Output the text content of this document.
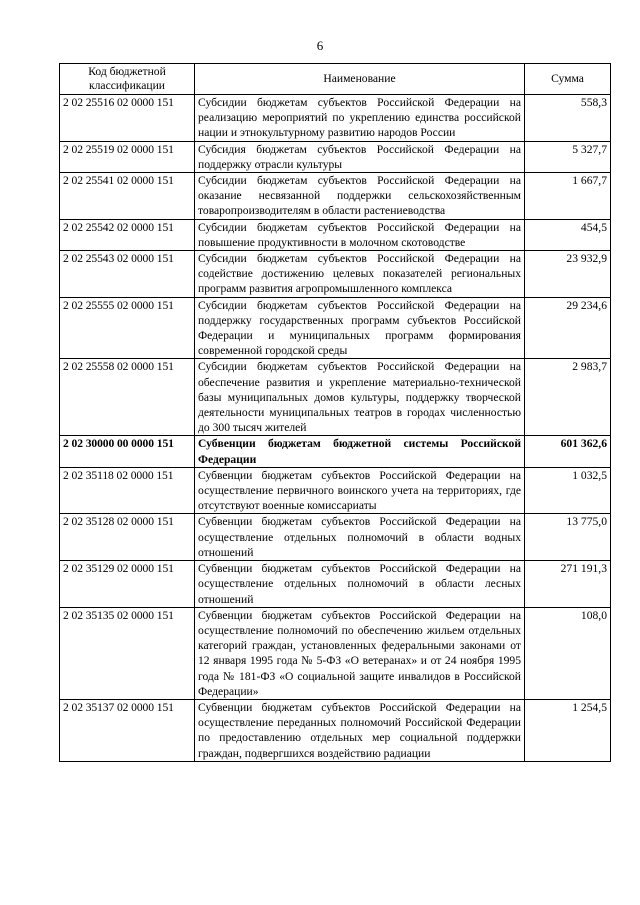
6
Код бюджетной классификации	Наименование	Сумма
2 02 25516 02 0000 151	Субсидии бюджетам субъектов Российской Федерации на реализацию мероприятий по укреплению единства российской нации и этнокультурному развитию народов России	558,3
2 02 25519 02 0000 151	Субсидия бюджетам субъектов Российской Федерации на поддержку отрасли культуры	5 327,7
2 02 25541 02 0000 151	Субсидии бюджетам субъектов Российской Федерации на оказание несвязанной поддержки сельскохозяйственным товаропроизводителям в области растениеводства	1 667,7
2 02 25542 02 0000 151	Субсидии бюджетам субъектов Российской Федерации на повышение продуктивности в молочном скотоводстве	454,5
2 02 25543 02 0000 151	Субсидии бюджетам субъектов Российской Федерации на содействие достижению целевых показателей региональных программ развития агропромышленного комплекса	23 932,9
2 02 25555 02 0000 151	Субсидии бюджетам субъектов Российской Федерации на поддержку государственных программ субъектов Российской Федерации и муниципальных программ формирования современной городской среды	29 234,6
2 02 25558 02 0000 151	Субсидии бюджетам субъектов Российской Федерации на обеспечение развития и укрепление материально-технической базы муниципальных домов культуры, поддержку творческой деятельности муниципальных театров в городах численностью до 300 тысяч жителей	2 983,7
2 02 30000 00 0000 151	Субвенции бюджетам бюджетной системы Российской Федерации	601 362,6
2 02 35118 02 0000 151	Субвенции бюджетам субъектов Российской Федерации на осуществление первичного воинского учета на территориях, где отсутствуют военные комиссариаты	1 032,5
2 02 35128 02 0000 151	Субвенции бюджетам субъектов Российской Федерации на осуществление отдельных полномочий в области водных отношений	13 775,0
2 02 35129 02 0000 151	Субвенции бюджетам субъектов Российской Федерации на осуществление отдельных полномочий в области лесных отношений	271 191,3
2 02 35135 02 0000 151	Субвенции бюджетам субъектов Российской Федерации на осуществление полномочий по обеспечению жильем отдельных категорий граждан, установленных федеральными законами от 12 января 1995 года № 5-ФЗ «О ветеранах» и от 24 ноября 1995 года № 181-ФЗ «О социальной защите инвалидов в Российской Федерации»	108,0
2 02 35137 02 0000 151	Субвенции бюджетам субъектов Российской Федерации на осуществление переданных полномочий Российской Федерации по предоставлению отдельных мер социальной поддержки граждан, подвергшихся воздействию радиации	1 254,5
